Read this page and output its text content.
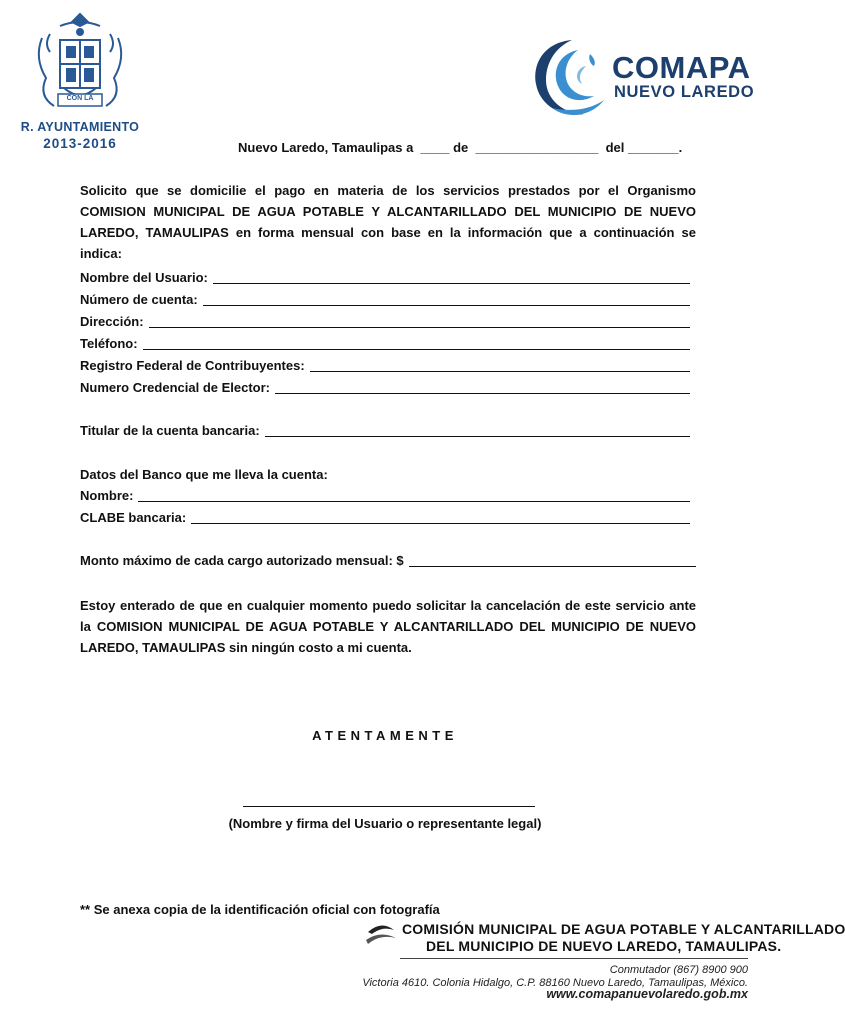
CON LA
R. AYUNTAMIENTO
2013-2016
COMAPA
NUEVO LAREDO
Nuevo Laredo, Tamaulipas a  ____ de  _________________  del _______.
Solicito que se domicilie el pago en materia de los servicios prestados por el Organismo COMISION MUNICIPAL DE AGUA POTABLE Y ALCANTARILLADO DEL MUNICIPIO DE NUEVO LAREDO, TAMAULIPAS en forma mensual con base en la información que a continuación se indica:
Nombre del Usuario:
Número de cuenta:
Dirección:
Teléfono:
Registro Federal de Contribuyentes:
Numero Credencial de Elector:
Titular de la cuenta bancaria:
Datos del Banco que me lleva la cuenta:
Nombre:
CLABE bancaria:
Monto máximo de cada cargo autorizado mensual: $
Estoy enterado de que en cualquier momento puedo solicitar la cancelación de este servicio ante la COMISION MUNICIPAL DE AGUA POTABLE Y ALCANTARILLADO DEL MUNICIPIO DE NUEVO LAREDO, TAMAULIPAS sin ningún costo a mi cuenta.
ATENTAMENTE
(Nombre y firma del Usuario o representante legal)
** Se anexa copia de la identificación oficial con fotografía
COMISIÓN MUNICIPAL DE AGUA POTABLE Y ALCANTARILLADO
DEL MUNICIPIO DE NUEVO LAREDO, TAMAULIPAS.
Conmutador (867) 8900 900
Victoria 4610. Colonia Hidalgo, C.P. 88160 Nuevo Laredo, Tamaulipas, México.
www.comapanuevolaredo.gob.mx
